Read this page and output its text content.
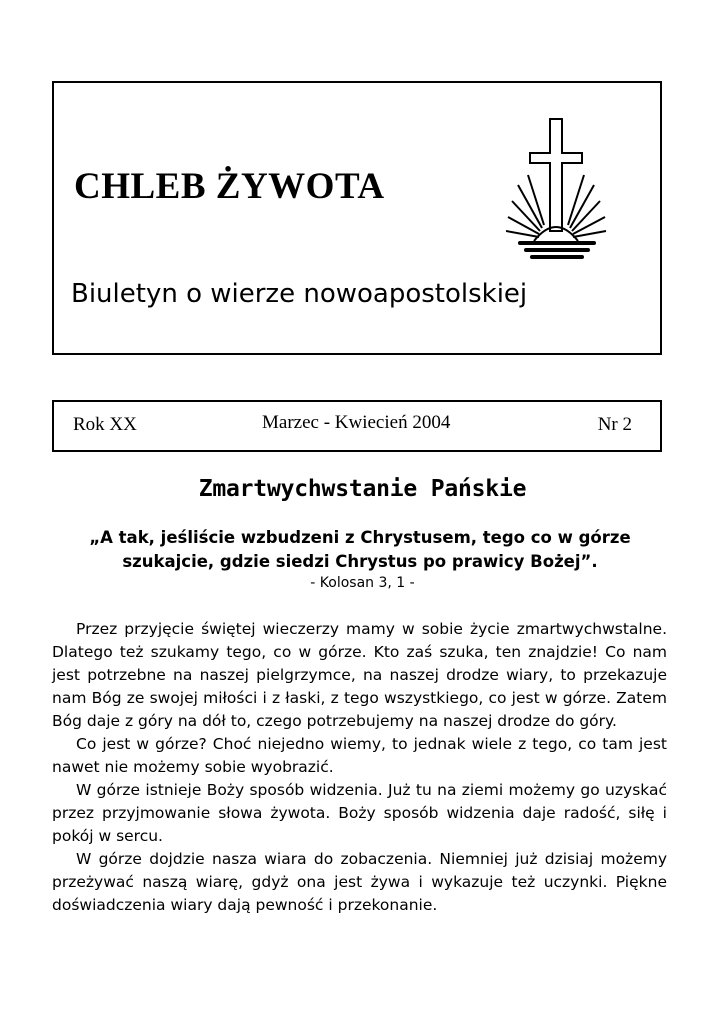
CHLEB ŻYWOTA
Biuletyn o wierze nowoapostolskiej
Rok XX	Marzec - Kwiecień 2004	Nr 2
Zmartwychwstanie Pańskie

„A tak, jeśliście wzbudzeni z Chrystusem, tego co w górze szukajcie, gdzie siedzi Chrystus po prawicy Bożej”.

- Kolosan 3, 1 -

Przez przyjęcie świętej wieczerzy mamy w sobie życie zmartwychwstalne. Dlatego też szukamy tego, co w górze. Kto zaś szuka, ten znajdzie! Co nam jest potrzebne na naszej pielgrzymce, na naszej drodze wiary, to przekazuje nam Bóg ze swojej miłości i z łaski, z tego wszystkiego, co jest w górze. Zatem Bóg daje z góry na dół to, czego potrzebujemy na naszej drodze do góry.

Co jest w górze? Choć niejedno wiemy, to jednak wiele z tego, co tam jest nawet nie możemy sobie wyobrazić.

W górze istnieje Boży sposób widzenia. Już tu na ziemi możemy go uzyskać przez przyjmowanie słowa żywota. Boży sposób widzenia daje radość, siłę i pokój w sercu.

W górze dojdzie nasza wiara do zobaczenia. Niemniej już dzisiaj możemy przeżywać naszą wiarę, gdyż ona jest żywa i wykazuje też uczynki. Piękne doświadczenia wiary dają pewność i przekonanie.
